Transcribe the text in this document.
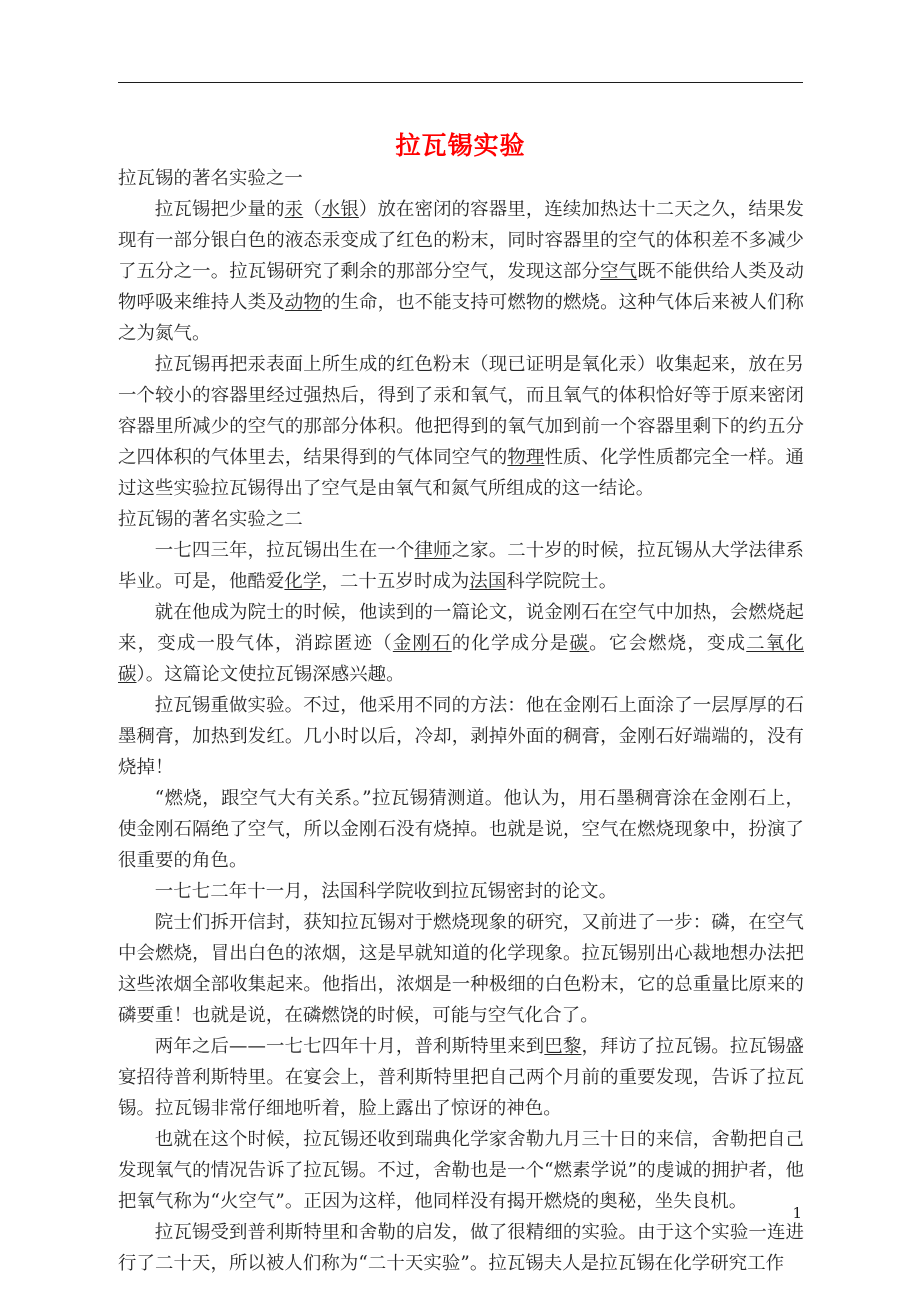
拉瓦锡实验

拉瓦锡的著名实验之一

拉瓦锡把少量的汞（水银）放在密闭的容器里，连续加热达十二天之久，结果发现有一部分银白色的液态汞变成了红色的粉末，同时容器里的空气的体积差不多减少了五分之一。拉瓦锡研究了剩余的那部分空气，发现这部分空气既不能供给人类及动物呼吸来维持人类及动物的生命，也不能支持可燃物的燃烧。这种气体后来被人们称之为氮气。

拉瓦锡再把汞表面上所生成的红色粉末（现已证明是氧化汞）收集起来，放在另一个较小的容器里经过强热后，得到了汞和氧气，而且氧气的体积恰好等于原来密闭容器里所减少的空气的那部分体积。他把得到的氧气加到前一个容器里剩下的约五分之四体积的气体里去，结果得到的气体同空气的物理性质、化学性质都完全一样。通过这些实验拉瓦锡得出了空气是由氧气和氮气所组成的这一结论。

拉瓦锡的著名实验之二

一七四三年，拉瓦锡出生在一个律师之家。二十岁的时候，拉瓦锡从大学法律系毕业。可是，他酷爱化学，二十五岁时成为法国科学院院士。

就在他成为院士的时候，他读到的一篇论文，说金刚石在空气中加热，会燃烧起来，变成一股气体，消踪匿迹（金刚石的化学成分是碳。它会燃烧，变成二氧化碳）。这篇论文使拉瓦锡深感兴趣。

拉瓦锡重做实验。不过，他采用不同的方法：他在金刚石上面涂了一层厚厚的石墨稠膏，加热到发红。几小时以后，冷却，剥掉外面的稠膏，金刚石好端端的，没有烧掉！

“燃烧，跟空气大有关系。”拉瓦锡猜测道。他认为，用石墨稠膏涂在金刚石上，使金刚石隔绝了空气，所以金刚石没有烧掉。也就是说，空气在燃烧现象中，扮演了很重要的角色。

一七七二年十一月，法国科学院收到拉瓦锡密封的论文。

院士们拆开信封，获知拉瓦锡对于燃烧现象的研究，又前进了一步：磷，在空气中会燃烧，冒出白色的浓烟，这是早就知道的化学现象。拉瓦锡别出心裁地想办法把这些浓烟全部收集起来。他指出，浓烟是一种极细的白色粉末，它的总重量比原来的磷要重！也就是说，在磷燃饶的时候，可能与空气化合了。

两年之后——一七七四年十月，普利斯特里来到巴黎，拜访了拉瓦锡。拉瓦锡盛宴招待普利斯特里。在宴会上，普利斯特里把自己两个月前的重要发现，告诉了拉瓦锡。拉瓦锡非常仔细地听着，脸上露出了惊讶的神色。

也就在这个时候，拉瓦锡还收到瑞典化学家舍勒九月三十日的来信，舍勒把自己发现氧气的情况告诉了拉瓦锡。不过，舍勒也是一个“燃素学说”的虔诚的拥护者，他把氧气称为“火空气”。正因为这样，他同样没有揭开燃烧的奥秘，坐失良机。

拉瓦锡受到普利斯特里和舍勒的启发，做了很精细的实验。由于这个实验一连进行了二十天，所以被人们称为“二十天实验”。拉瓦锡夫人是拉瓦锡在化学研究工作

1
